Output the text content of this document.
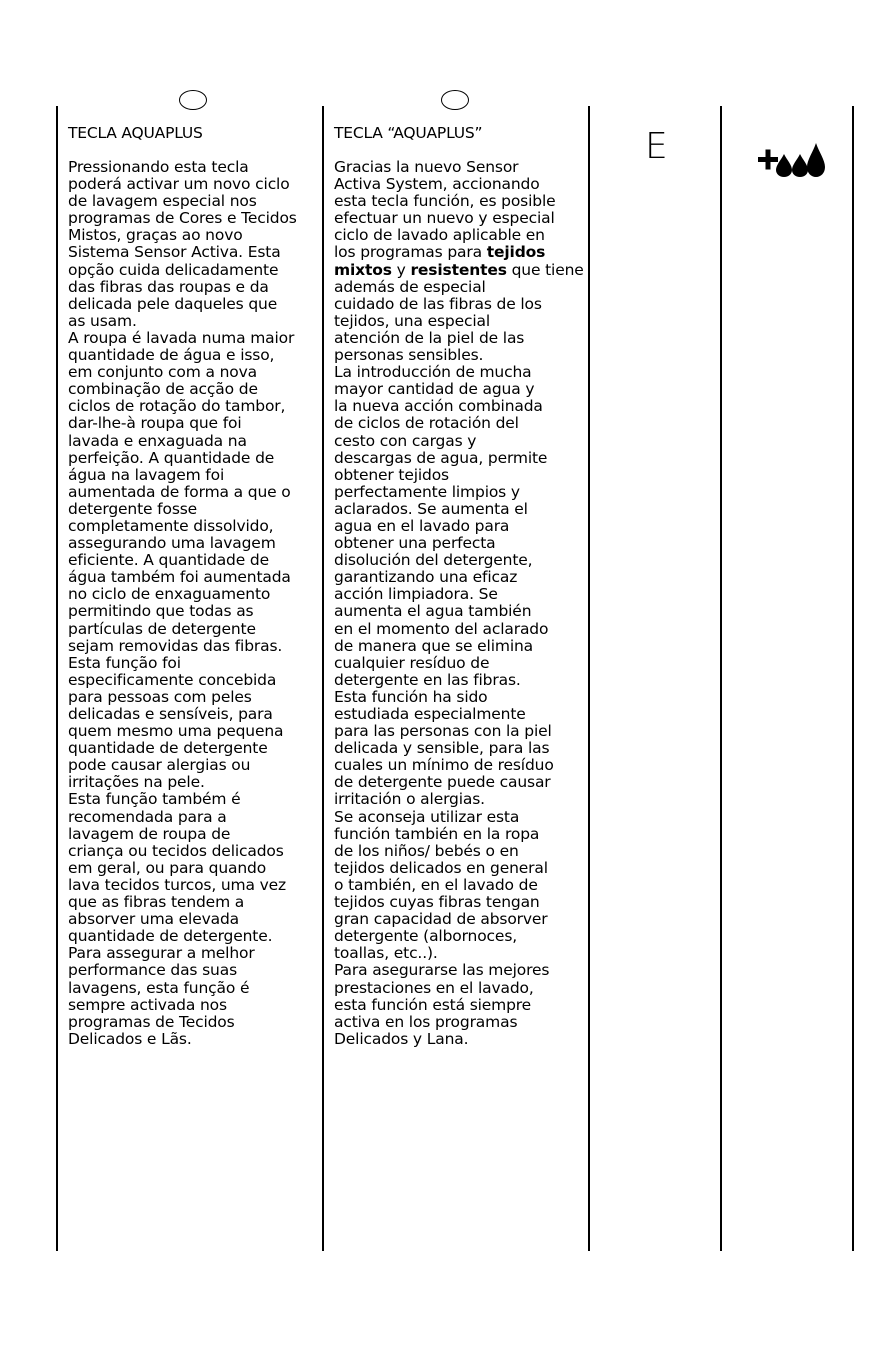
TECLA AQUAPLUS
Pressionando esta tecla
poderá activar um novo ciclo
de lavagem especial nos
programas de Cores e Tecidos
Mistos, graças ao novo
Sistema Sensor Activa. Esta
opção cuida delicadamente
das fibras das roupas e da
delicada pele daqueles que
as usam.
A roupa é lavada numa maior
quantidade de água e isso,
em conjunto com a nova
combinação de acção de
ciclos de rotação do tambor,
dar-lhe-à roupa que foi
lavada e enxaguada na
perfeição. A quantidade de
água na lavagem foi
aumentada de forma a que o
detergente fosse
completamente dissolvido,
assegurando uma lavagem
eficiente. A quantidade de
água também foi aumentada
no ciclo de enxaguamento
permitindo que todas as
partículas de detergente
sejam removidas das fibras.
Esta função foi
especificamente concebida
para pessoas com peles
delicadas e sensíveis, para
quem mesmo uma pequena
quantidade de detergente
pode causar alergias ou
irritações na pele.
Esta função também é
recomendada para a
lavagem de roupa de
criança ou tecidos delicados
em geral, ou para quando
lava tecidos turcos, uma vez
que as fibras tendem a
absorver uma elevada
quantidade de detergente.
Para assegurar a melhor
performance das suas
lavagens, esta função é
sempre activada nos
programas de Tecidos
Delicados e Lãs.
TECLA “AQUAPLUS”
Gracias la nuevo Sensor
Activa System, accionando
esta tecla función, es posible
efectuar un nuevo y especial
ciclo de lavado aplicable en
los programas para tejidos
mixtos y resistentes que tiene
además de especial
cuidado de las fibras de los
tejidos, una especial
atención de la piel de las
personas sensibles.
La introducción de mucha
mayor cantidad de agua y
la nueva acción combinada
de ciclos de rotación del
cesto con cargas y
descargas de agua, permite
obtener tejidos
perfectamente limpios y
aclarados. Se aumenta el
agua en el lavado para
obtener una perfecta
disolución del detergente,
garantizando una eficaz
acción limpiadora. Se
aumenta el agua también
en el momento del aclarado
de manera que se elimina
cualquier resíduo de
detergente en las fibras.
Esta función ha sido
estudiada especialmente
para las personas con la piel
delicada y sensible, para las
cuales un mínimo de resíduo
de detergente puede causar
irritación o alergias.
Se aconseja utilizar esta
función también en la ropa
de los niños/ bebés o en
tejidos delicados en general
o también, en el lavado de
tejidos cuyas fibras tengan
gran capacidad de absorver
detergente (albornoces,
toallas, etc..).
Para asegurarse las mejores
prestaciones en el lavado,
esta función está siempre
activa en los programas
Delicados y Lana.
E
